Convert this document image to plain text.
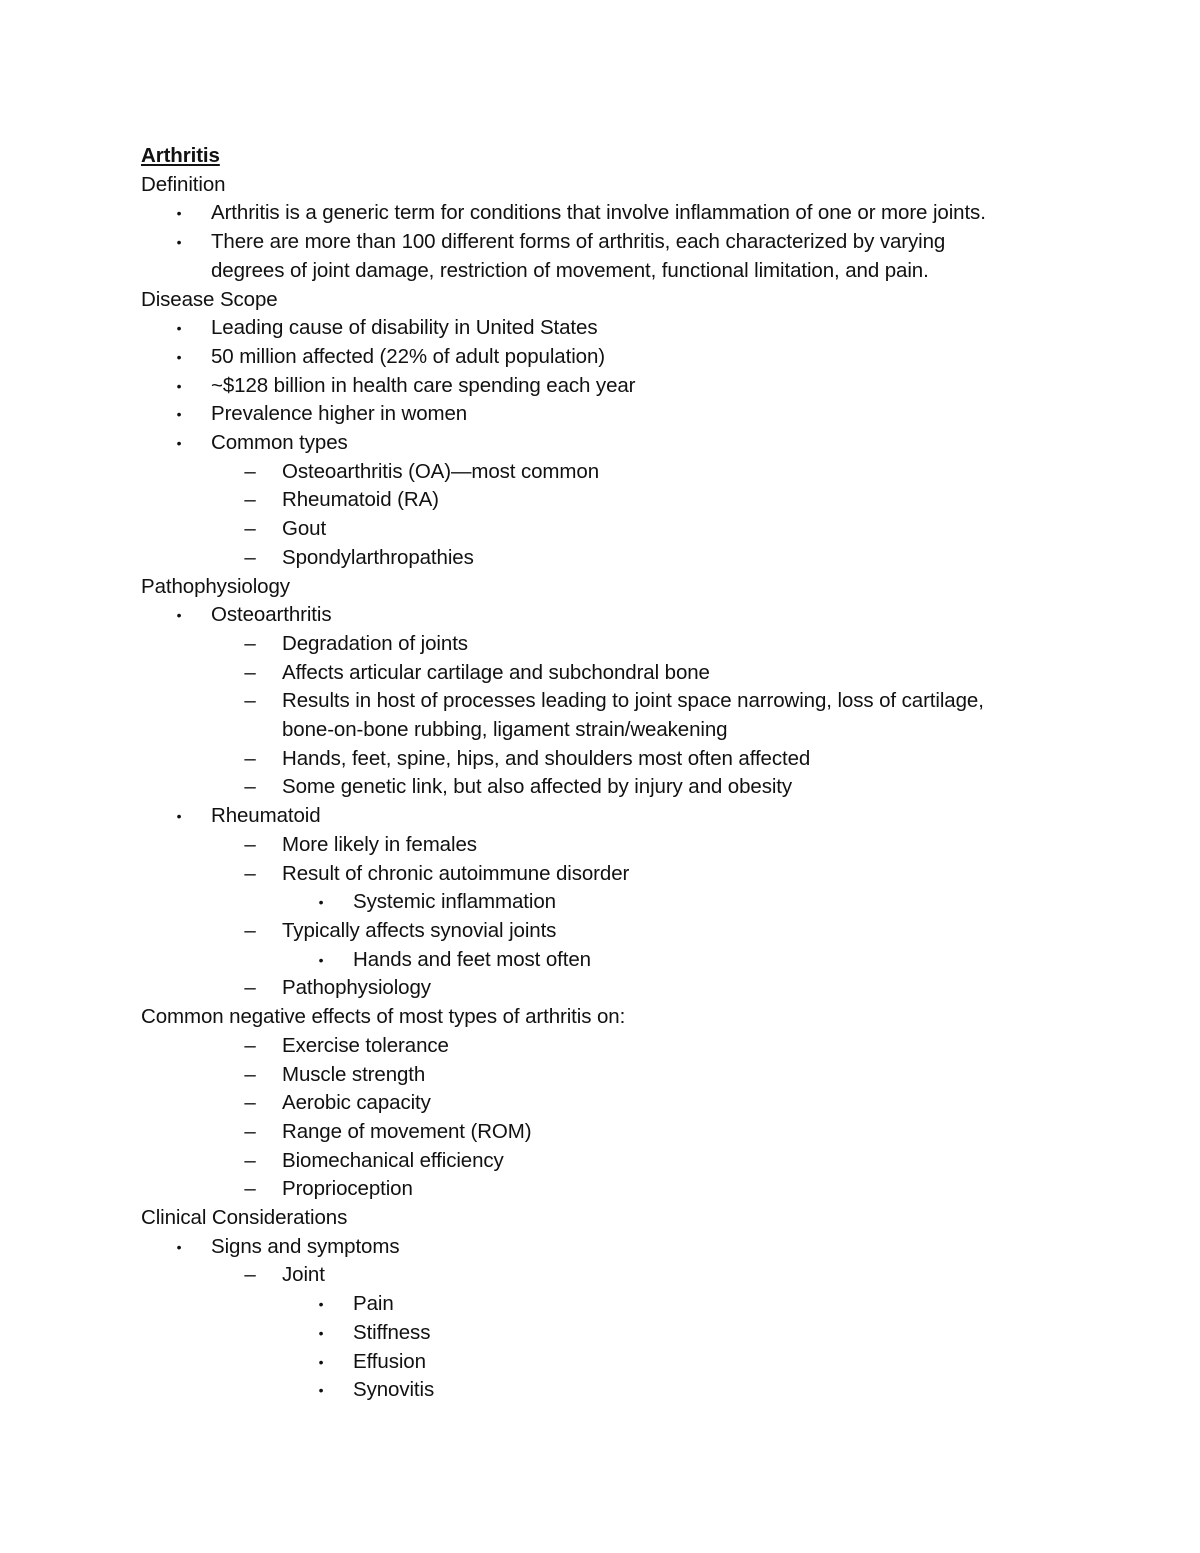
Arthritis
Definition
• Arthritis is a generic term for conditions that involve inflammation of one or more joints.
• There are more than 100 different forms of arthritis, each characterized by varying
degrees of joint damage, restriction of movement, functional limitation, and pain.
Disease Scope
• Leading cause of disability in United States
• 50 million affected (22% of adult population)
• ~$128 billion in health care spending each year
• Prevalence higher in women
• Common types
– Osteoarthritis (OA)—most common
– Rheumatoid (RA)
– Gout
– Spondylarthropathies
Pathophysiology
• Osteoarthritis
– Degradation of joints
– Affects articular cartilage and subchondral bone
– Results in host of processes leading to joint space narrowing, loss of cartilage,
bone-on-bone rubbing, ligament strain/weakening
– Hands, feet, spine, hips, and shoulders most often affected
– Some genetic link, but also affected by injury and obesity
• Rheumatoid
– More likely in females
– Result of chronic autoimmune disorder
• Systemic inflammation
– Typically affects synovial joints
• Hands and feet most often
– Pathophysiology
Common negative effects of most types of arthritis on:
– Exercise tolerance
– Muscle strength
– Aerobic capacity
– Range of movement (ROM)
– Biomechanical efficiency
– Proprioception
Clinical Considerations
• Signs and symptoms
– Joint
• Pain
• Stiffness
• Effusion
• Synovitis
